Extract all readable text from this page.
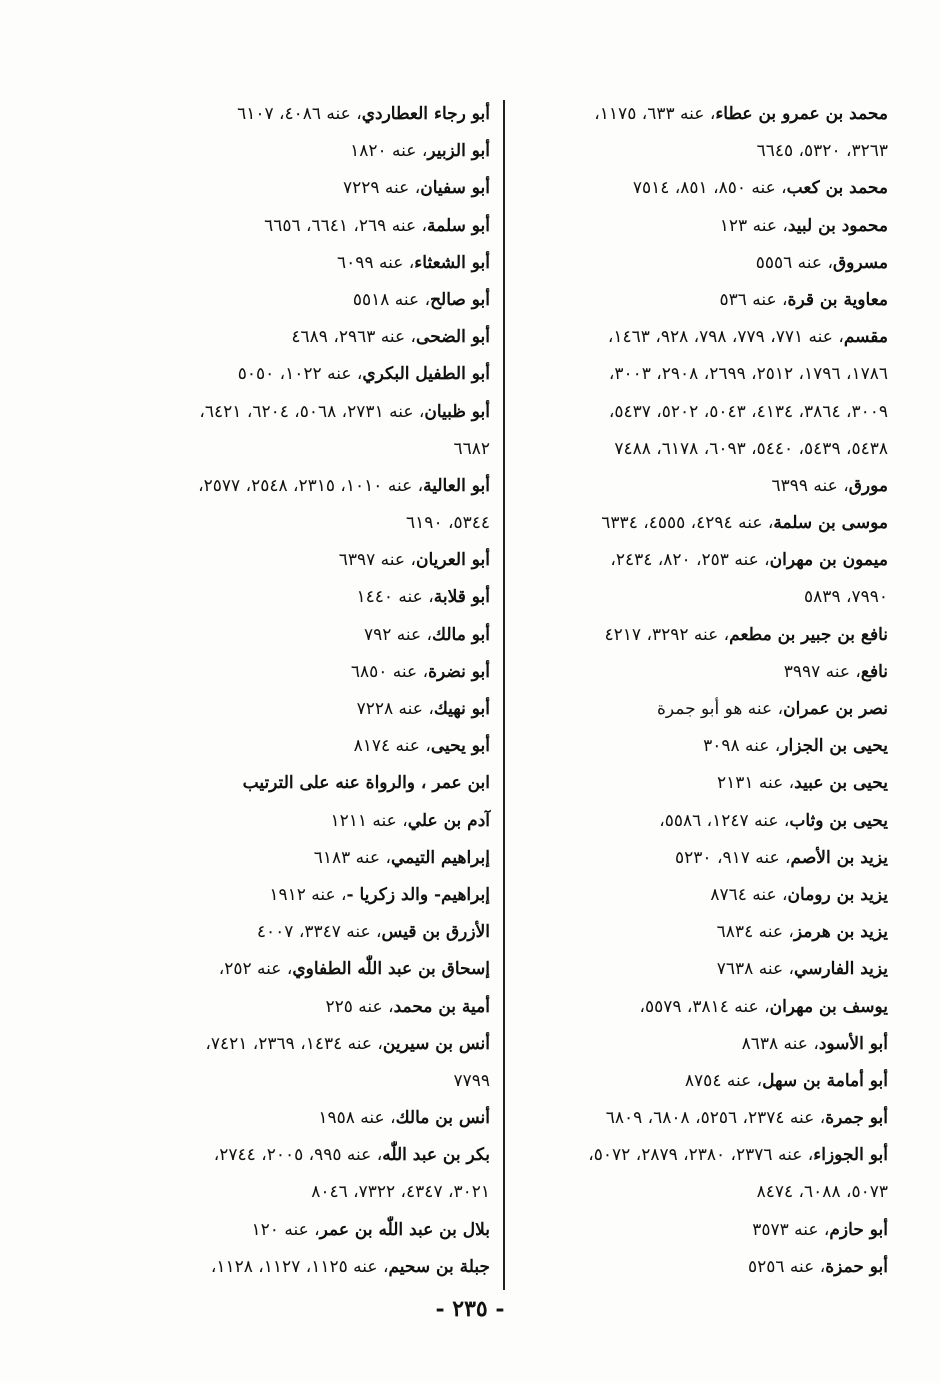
محمد بن عمرو بن عطاء، عنه ٦٣٣، ١١٧٥،
٣٢٦٣، ٥٣٢٠، ٦٦٤٥
محمد بن كعب، عنه ٨٥٠، ٨٥١، ٧٥١٤
محمود بن لبيد، عنه ١٢٣
مسروق، عنه ٥٥٥٦
معاوية بن قرة، عنه ٥٣٦
مقسم، عنه ٧٧١، ٧٧٩، ٧٩٨، ٩٢٨، ١٤٦٣،
١٧٨٦، ١٧٩٦، ٢٥١٢، ٢٦٩٩، ٢٩٠٨، ٣٠٠٣،
٣٠٠٩، ٣٨٦٤، ٤١٣٤، ٥٠٤٣، ٥٢٠٢، ٥٤٣٧،
٥٤٣٨، ٥٤٣٩، ٥٤٤٠، ٦٠٩٣، ٦١٧٨، ٧٤٨٨
مورق، عنه ٦٣٩٩
موسى بن سلمة، عنه ٤٢٩٤، ٤٥٥٥، ٦٣٣٤
ميمون بن مهران، عنه ٢٥٣، ٨٢٠، ٢٤٣٤،
٧٩٩٠، ٥٨٣٩
نافع بن جبير بن مطعم، عنه ٣٢٩٢، ٤٢١٧
نافع، عنه ٣٩٩٧
نصر بن عمران، عنه هو أبو جمرة
يحيى بن الجزار، عنه ٣٠٩٨
يحيى بن عبيد، عنه ٢١٣١
يحيى بن وثاب، عنه ١٢٤٧، ٥٥٨٦،
يزيد بن الأصم، عنه ٩١٧، ٥٢٣٠
يزيد بن رومان، عنه ٨٧٦٤
يزيد بن هرمز، عنه ٦٨٣٤
يزيد الفارسي، عنه ٧٦٣٨
يوسف بن مهران، عنه ٣٨١٤، ٥٥٧٩،
أبو الأسود، عنه ٨٦٣٨
أبو أمامة بن سهل، عنه ٨٧٥٤
أبو جمرة، عنه ٢٣٧٤، ٥٢٥٦، ٦٨٠٨، ٦٨٠٩
أبو الجوزاء، عنه ٢٣٧٦، ٢٣٨٠، ٢٨٧٩، ٥٠٧٢،
٥٠٧٣، ٦٠٨٨، ٨٤٧٤
أبو حازم، عنه ٣٥٧٣
أبو حمزة، عنه ٥٢٥٦
أبو رجاء العطاردي، عنه ٤٠٨٦، ٦١٠٧
أبو الزبير، عنه ١٨٢٠
أبو سفيان، عنه ٧٢٢٩
أبو سلمة، عنه ٢٦٩، ٦٦٤١، ٦٦٥٦
أبو الشعثاء، عنه ٦٠٩٩
أبو صالح، عنه ٥٥١٨
أبو الضحى، عنه ٢٩٦٣، ٤٦٨٩
أبو الطفيل البكري، عنه ١٠٢٢، ٥٠٥٠
أبو ظبيان، عنه ٢٧٣١، ٥٠٦٨، ٦٢٠٤، ٦٤٢١،
٦٦٨٢
أبو العالية، عنه ١٠١٠، ٢٣١٥، ٢٥٤٨، ٢٥٧٧،
٥٣٤٤، ٦١٩٠
أبو العريان، عنه ٦٣٩٧
أبو قلابة، عنه ١٤٤٠
أبو مالك، عنه ٧٩٢
أبو نضرة، عنه ٦٨٥٠
أبو نهيك، عنه ٧٢٢٨
أبو يحيى، عنه ٨١٧٤
ابن عمر ، والرواة عنه على الترتيب
آدم بن علي، عنه ١٢١١
إبراهيم التيمي، عنه ٦١٨٣
إبراهيم- والد زكريا -، عنه ١٩١٢
الأزرق بن قيس، عنه ٣٣٤٧، ٤٠٠٧
إسحاق بن عبد اللّٰه الطفاوي، عنه ٢٥٢،
أمية بن محمد، عنه ٢٢٥
أنس بن سيرين، عنه ١٤٣٤، ٢٣٦٩، ٧٤٢١،
٧٧٩٩
أنس بن مالك، عنه ١٩٥٨
بكر بن عبد اللّٰه، عنه ٩٩٥، ٢٠٠٥، ٢٧٤٤،
٣٠٢١، ٤٣٤٧، ٧٣٢٢، ٨٠٤٦
بلال بن عبد اللّٰه بن عمر، عنه ١٢٠
جبلة بن سحيم، عنه ١١٢٥، ١١٢٧، ١١٢٨،
- ٢٣٥ -
